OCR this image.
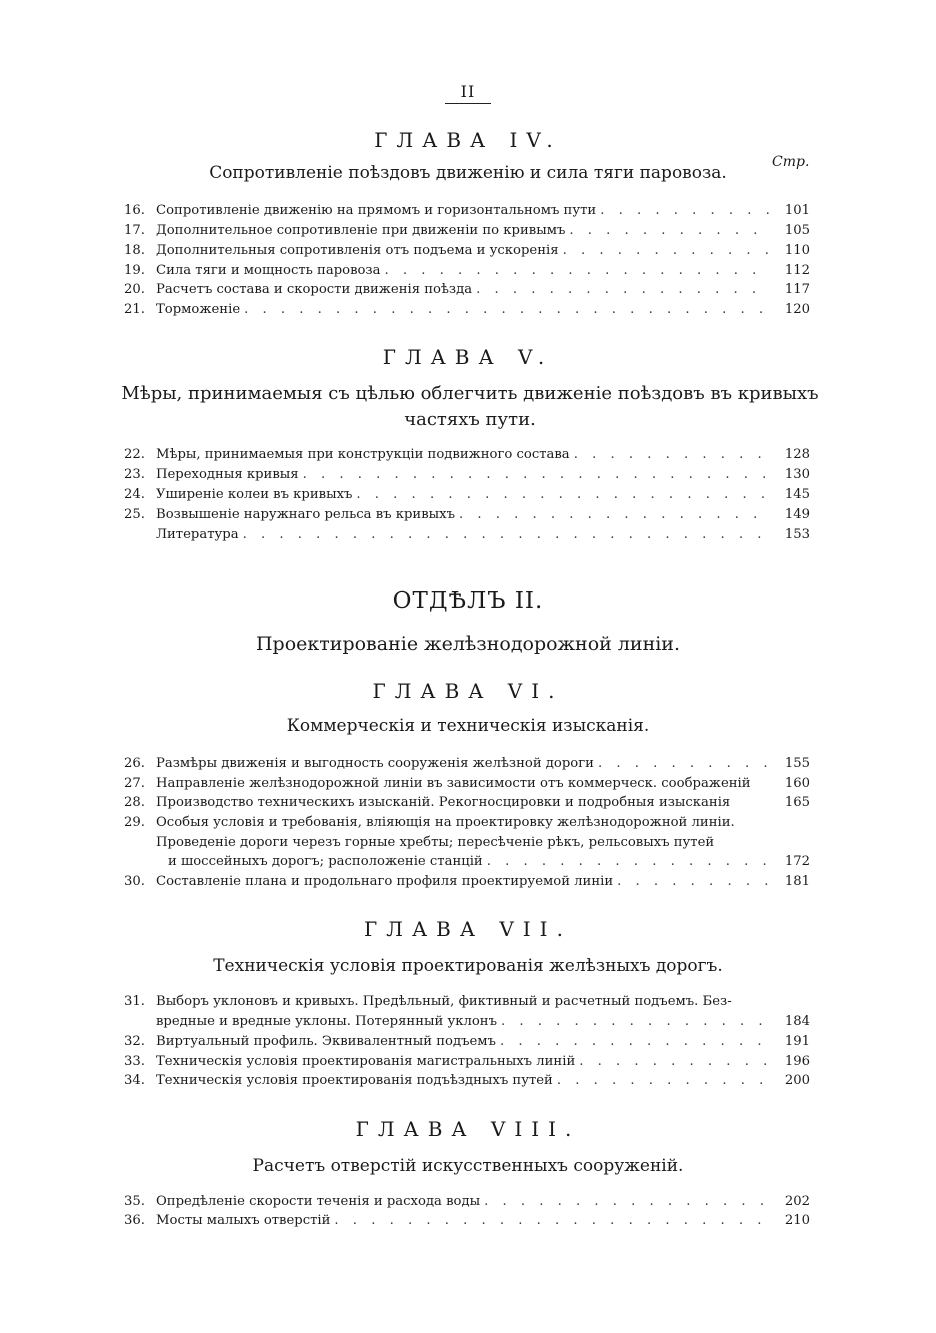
II
ГЛАВА IV.
Стр.
Сопротивленіе поѣздовъ движенію и сила тяги паровоза.
16. Сопротивленіе движенію на прямомъ и горизонтальномъ пути . . .	101
17. Дополнительное сопротивленіе при движеніи по кривымъ . . .	105
18. Дополнительныя сопротивленія отъ подъема и ускоренія . . .	110
19. Сила тяги и мощность паровоза . . .	112
20. Расчетъ состава и скорости движенія поѣзда . . .	117
21. Торможеніе . . .	120
ГЛАВА V.
Мѣры, принимаемыя съ цѣлью облегчить движеніе поѣздовъ въ кривыхъ
частяхъ пути.
22. Мѣры, принимаемыя при конструкціи подвижного состава . . .	128
23. Переходныя кривыя . . .	130
24. Уширеніе колеи въ кривыхъ . . .	145
25. Возвышеніе наружнаго рельса въ кривыхъ . . .	149
Литература . . .	153
ОТДѢЛЪ II.
Проектированіе желѣзнодорожной линіи.
ГЛАВА VI.
Коммерческія и техническія изысканія.
26. Размѣры движенія и выгодность сооруженія желѣзной дороги . . .	155
27. Направленіе желѣзнодорожной линіи въ зависимости отъ коммерческ. соображеній	160
28. Производство техническихъ изысканій. Рекогносцировки и подробныя изысканія	165
29. Особыя условія и требованія, вліяющія на проектировку желѣзнодорожной линіи.
Проведеніе дороги черезъ горные хребты; пересѣченіе рѣкъ, рельсовыхъ путей
и шоссейныхъ дорогъ; расположеніе станцій . . .	172
30. Составленіе плана и продольнаго профиля проектируемой линіи . . .	181
ГЛАВА VII.
Техническія условія проектированія желѣзныхъ дорогъ.
31. Выборъ уклоновъ и кривыхъ. Предѣльный, фиктивный и расчетный подъемъ. Без-
вредные и вредные уклоны. Потерянный уклонъ . . .	184
32. Виртуальный профиль. Эквивалентный подъемъ . . .	191
33. Техническія условія проектированія магистральныхъ линій . . .	196
34. Техническія условія проектированія подъѣздныхъ путей . . .	200
ГЛАВА VIII.
Расчетъ отверстій искусственныхъ сооруженій.
35. Опредѣленіе скорости теченія и расхода воды . . .	202
36. Мосты малыхъ отверстій . . .	210
